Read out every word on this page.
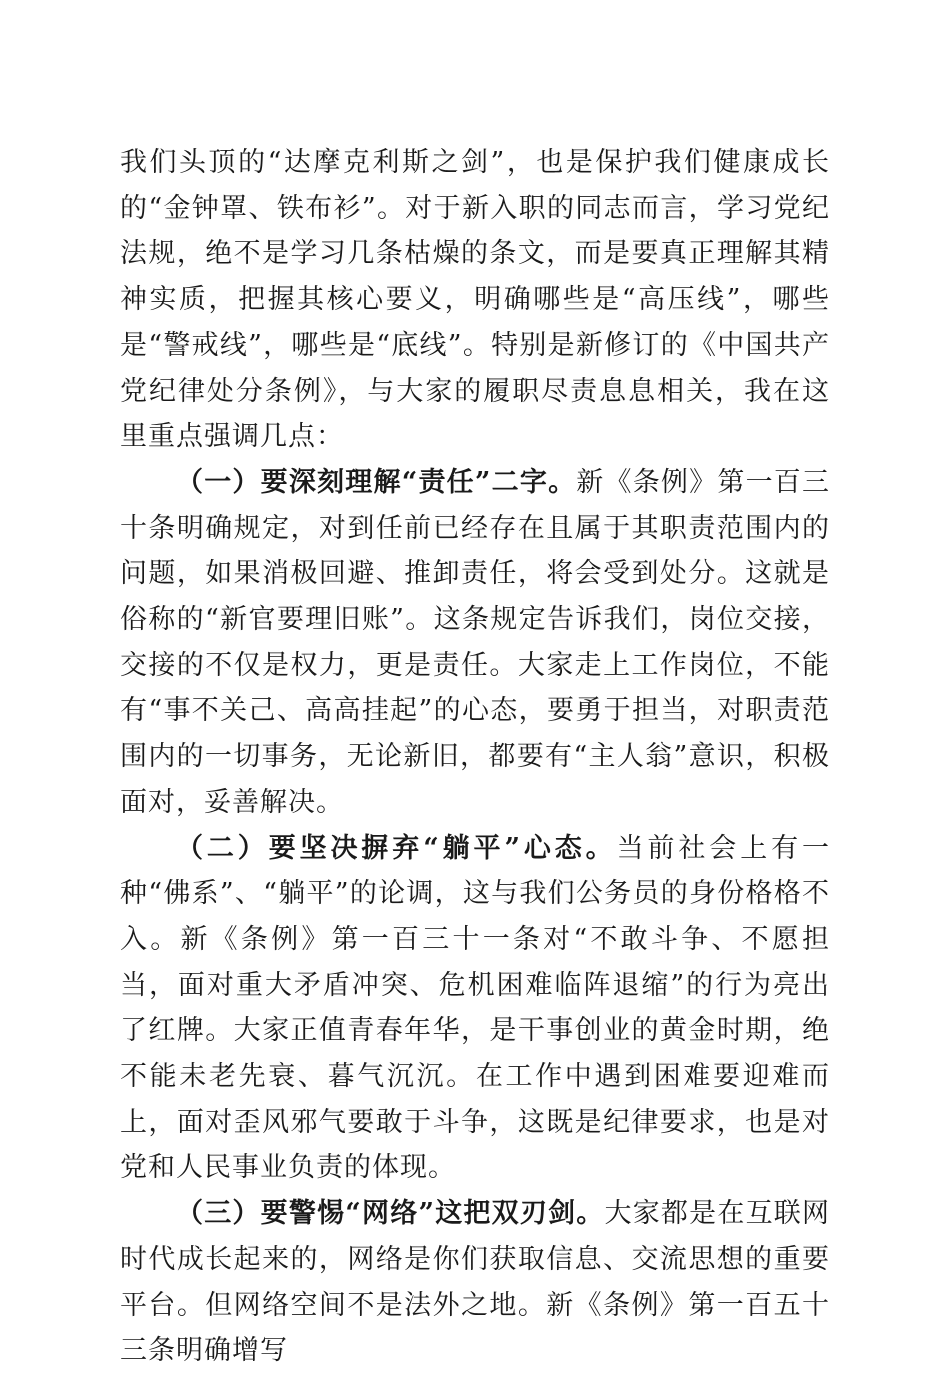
我们头顶的“达摩克利斯之剑”，也是保护我们健康成长的“金钟罩、铁布衫”。对于新入职的同志而言，学习党纪法规，绝不是学习几条枯燥的条文，而是要真正理解其精神实质，把握其核心要义，明确哪些是“高压线”，哪些是“警戒线”，哪些是“底线”。特别是新修订的《中国共产党纪律处分条例》，与大家的履职尽责息息相关，我在这里重点强调几点：

（一）要深刻理解“责任”二字。新《条例》第一百三十条明确规定，对到任前已经存在且属于其职责范围内的问题，如果消极回避、推卸责任，将会受到处分。这就是俗称的“新官要理旧账”。这条规定告诉我们，岗位交接，交接的不仅是权力，更是责任。大家走上工作岗位，不能有“事不关己、高高挂起”的心态，要勇于担当，对职责范围内的一切事务，无论新旧，都要有“主人翁”意识，积极面对，妥善解决。

（二）要坚决摒弃“躺平”心态。当前社会上有一种“佛系”、“躺平”的论调，这与我们公务员的身份格格不入。新《条例》第一百三十一条对“不敢斗争、不愿担当，面对重大矛盾冲突、危机困难临阵退缩”的行为亮出了红牌。大家正值青春年华，是干事创业的黄金时期，绝不能未老先衰、暮气沉沉。在工作中遇到困难要迎难而上，面对歪风邪气要敢于斗争，这既是纪律要求，也是对党和人民事业负责的体现。

（三）要警惕“网络”这把双刃剑。大家都是在互联网时代成长起来的，网络是你们获取信息、交流思想的重要平台。但网络空间不是法外之地。新《条例》第一百五十三条明确增写
